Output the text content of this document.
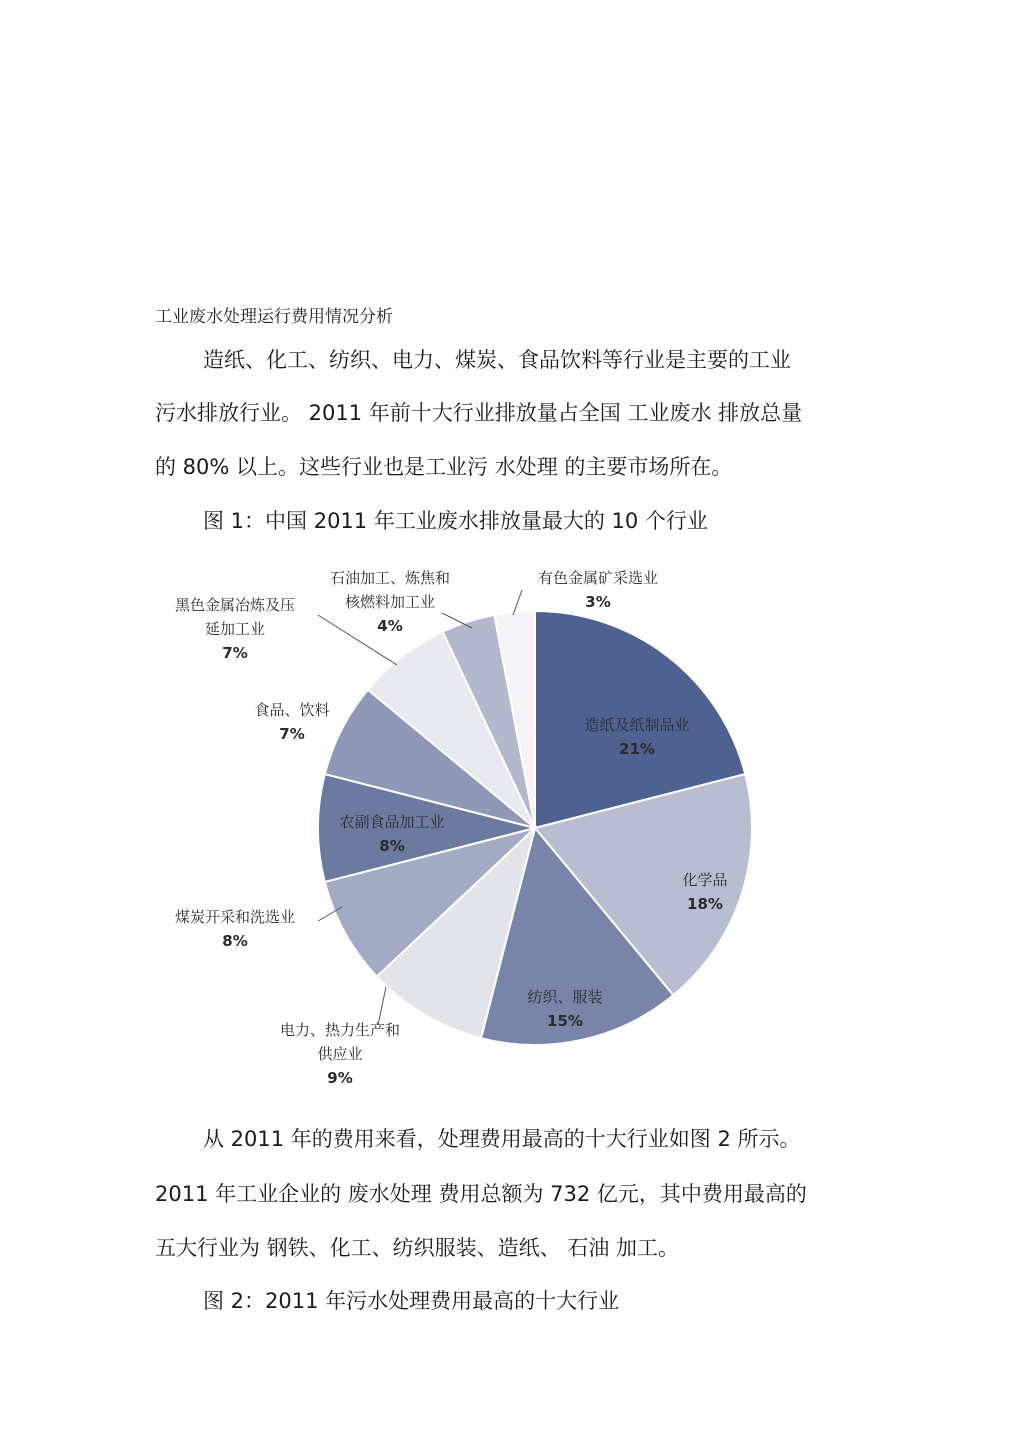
工业废水处理运行费用情况分析
造纸、化工、纺织、电力、煤炭、食品饮料等行业是主要的工业
污水排放行业。 2011 年前十大行业排放量占全国 工业废水 排放总量
的 80% 以上。这些行业也是工业污 水处理 的主要市场所在。
图 1：中国 2011 年工业废水排放量最大的 10 个行业
造纸及纸制品业
21%
化学品
18%
纺织、服装
15%
电力、热力生产和
供应业
9%
煤炭开采和洗选业
8%
农副食品加工业
8%
食品、饮料
7%
黑色金属冶炼及压
延加工业
7%
石油加工、炼焦和
核燃料加工业
4%
有色金属矿采选业
3%
从 2011 年的费用来看，处理费用最高的十大行业如图 2 所示。
2011 年工业企业的 废水处理 费用总额为 732 亿元，其中费用最高的
五大行业为 钢铁、化工、纺织服装、造纸、 石油 加工。
图 2：2011 年污水处理费用最高的十大行业
